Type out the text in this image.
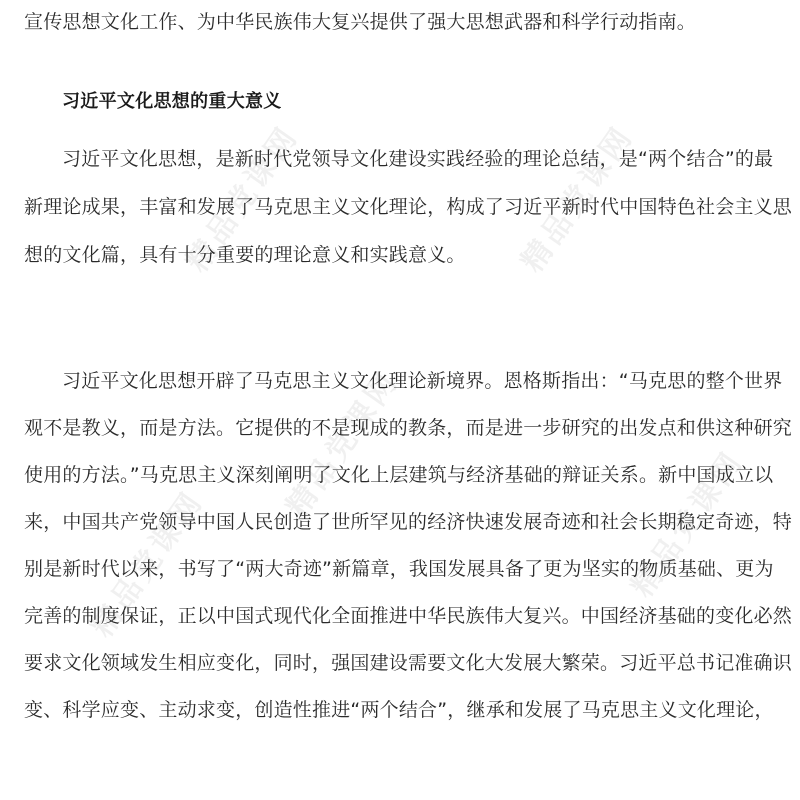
精品党课网	精品党课网
精品党课网
精品党课网	精品党课网
宣传思想文化工作、为中华民族伟大复兴提供了强大思想武器和科学行动指南。
习近平文化思想的重大意义
习近平文化思想，是新时代党领导文化建设实践经验的理论总结，是“两个结合”的最
新理论成果，丰富和发展了马克思主义文化理论，构成了习近平新时代中国特色社会主义思
想的文化篇，具有十分重要的理论意义和实践意义。
习近平文化思想开辟了马克思主义文化理论新境界。恩格斯指出：“马克思的整个世界
观不是教义，而是方法。它提供的不是现成的教条，而是进一步研究的出发点和供这种研究
使用的方法。”马克思主义深刻阐明了文化上层建筑与经济基础的辩证关系。新中国成立以
来，中国共产党领导中国人民创造了世所罕见的经济快速发展奇迹和社会长期稳定奇迹，特
别是新时代以来，书写了“两大奇迹”新篇章，我国发展具备了更为坚实的物质基础、更为
完善的制度保证，正以中国式现代化全面推进中华民族伟大复兴。中国经济基础的变化必然
要求文化领域发生相应变化，同时，强国建设需要文化大发展大繁荣。习近平总书记准确识
变、科学应变、主动求变，创造性推进“两个结合”，继承和发展了马克思主义文化理论，
